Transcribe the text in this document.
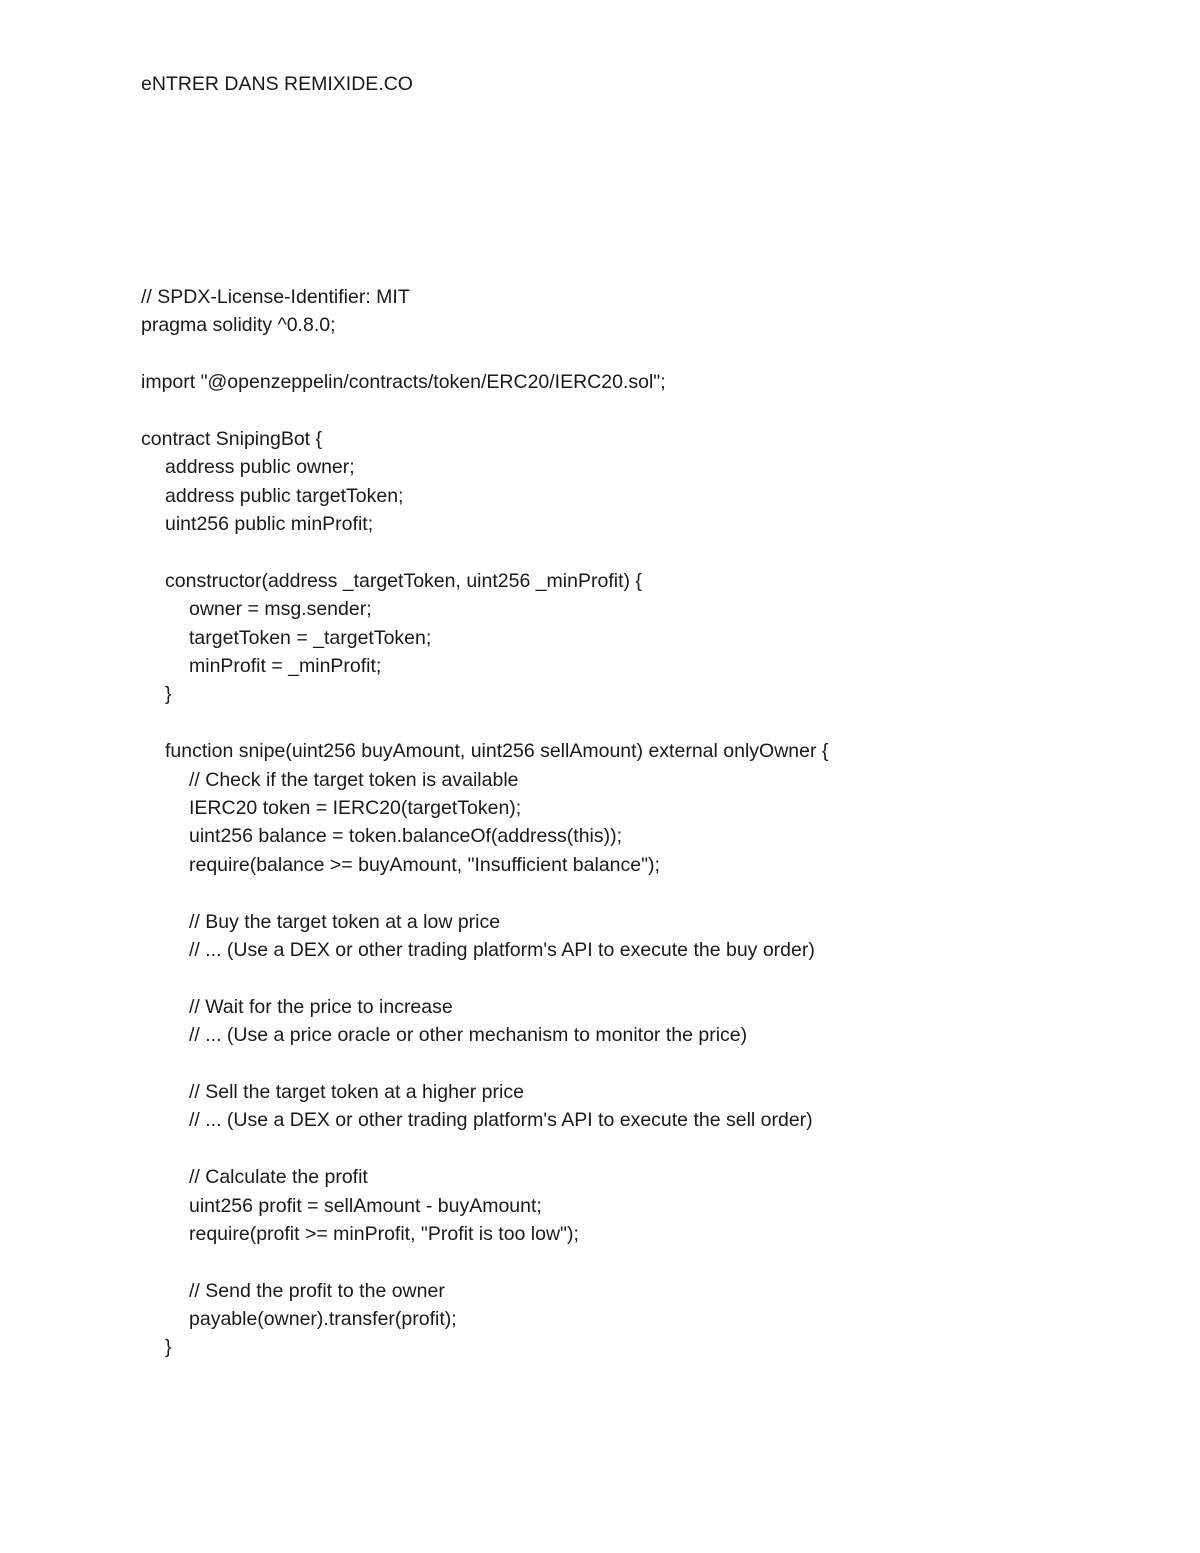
eNTRER DANS REMIXIDE.CO
// SPDX-License-Identifier: MIT
pragma solidity ^0.8.0;
import "@openzeppelin/contracts/token/ERC20/IERC20.sol";
contract SnipingBot {
address public owner;
address public targetToken;
uint256 public minProfit;
constructor(address _targetToken, uint256 _minProfit) {
owner = msg.sender;
targetToken = _targetToken;
minProfit = _minProfit;
}
function snipe(uint256 buyAmount, uint256 sellAmount) external onlyOwner {
// Check if the target token is available
IERC20 token = IERC20(targetToken);
uint256 balance = token.balanceOf(address(this));
require(balance >= buyAmount, "Insufficient balance");
// Buy the target token at a low price
// ... (Use a DEX or other trading platform's API to execute the buy order)
// Wait for the price to increase
// ... (Use a price oracle or other mechanism to monitor the price)
// Sell the target token at a higher price
// ... (Use a DEX or other trading platform's API to execute the sell order)
// Calculate the profit
uint256 profit = sellAmount - buyAmount;
require(profit >= minProfit, "Profit is too low");
// Send the profit to the owner
payable(owner).transfer(profit);
}
